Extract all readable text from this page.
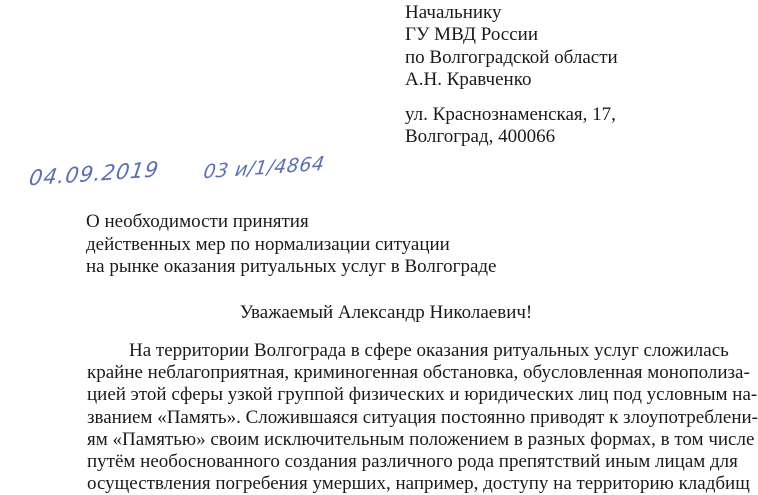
Начальнику
ГУ МВД России
по Волгоградской области
А.Н. Кравченко
ул. Краснознаменская, 17,
Волгоград, 400066
04.09.2019 03 и/1/4864
О необходимости принятия
действенных мер по нормализации ситуации
на рынке оказания ритуальных услуг в Волгограде
Уважаемый Александр Николаевич!
На территории Волгограда в сфере оказания ритуальных услуг сложилась
крайне неблагоприятная, криминогенная обстановка, обусловленная монополиза-
цией этой сферы узкой группой физических и юридических лиц под условным на-
званием «Память». Сложившаяся ситуация постоянно приводят к злоупотреблени-
ям «Памятью» своим исключительным положением в разных формах, в том числе
путём необоснованного создания различного рода препятствий иным лицам для
осуществления погребения умерших, например, доступу на территорию кладбищ
